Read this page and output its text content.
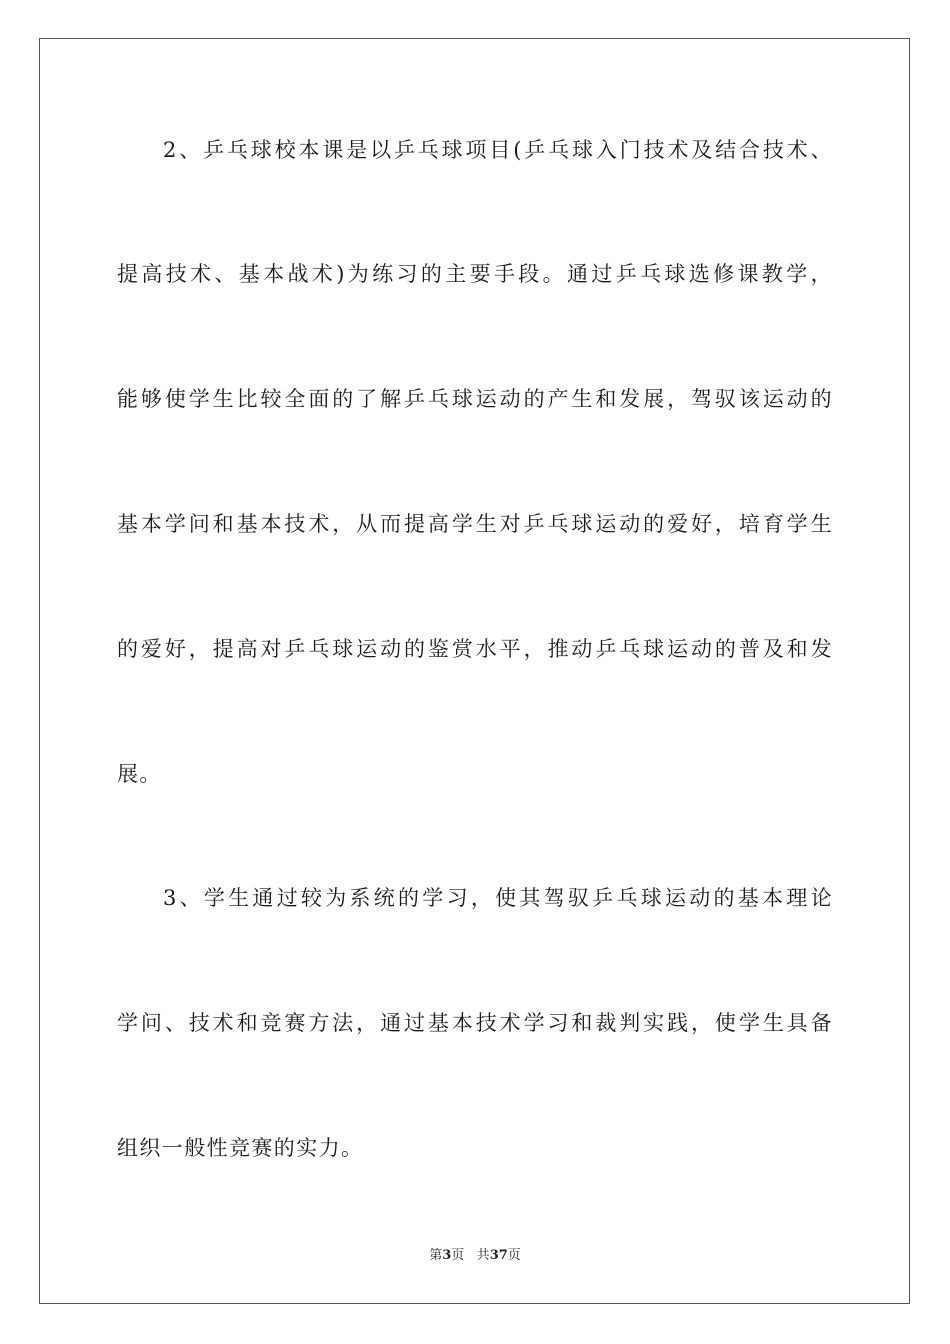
2、乒乓球校本课是以乒乓球项目(乒乓球入门技术及结合技术、
提高技术、基本战术)为练习的主要手段。通过乒乓球选修课教学，
能够使学生比较全面的了解乒乓球运动的产生和发展，驾驭该运动的
基本学问和基本技术，从而提高学生对乒乓球运动的爱好，培育学生
的爱好，提高对乒乓球运动的鉴赏水平，推动乒乓球运动的普及和发
展。
3、学生通过较为系统的学习，使其驾驭乒乓球运动的基本理论
学问、技术和竞赛方法，通过基本技术学习和裁判实践，使学生具备
组织一般性竞赛的实力。
第3页 共37页
